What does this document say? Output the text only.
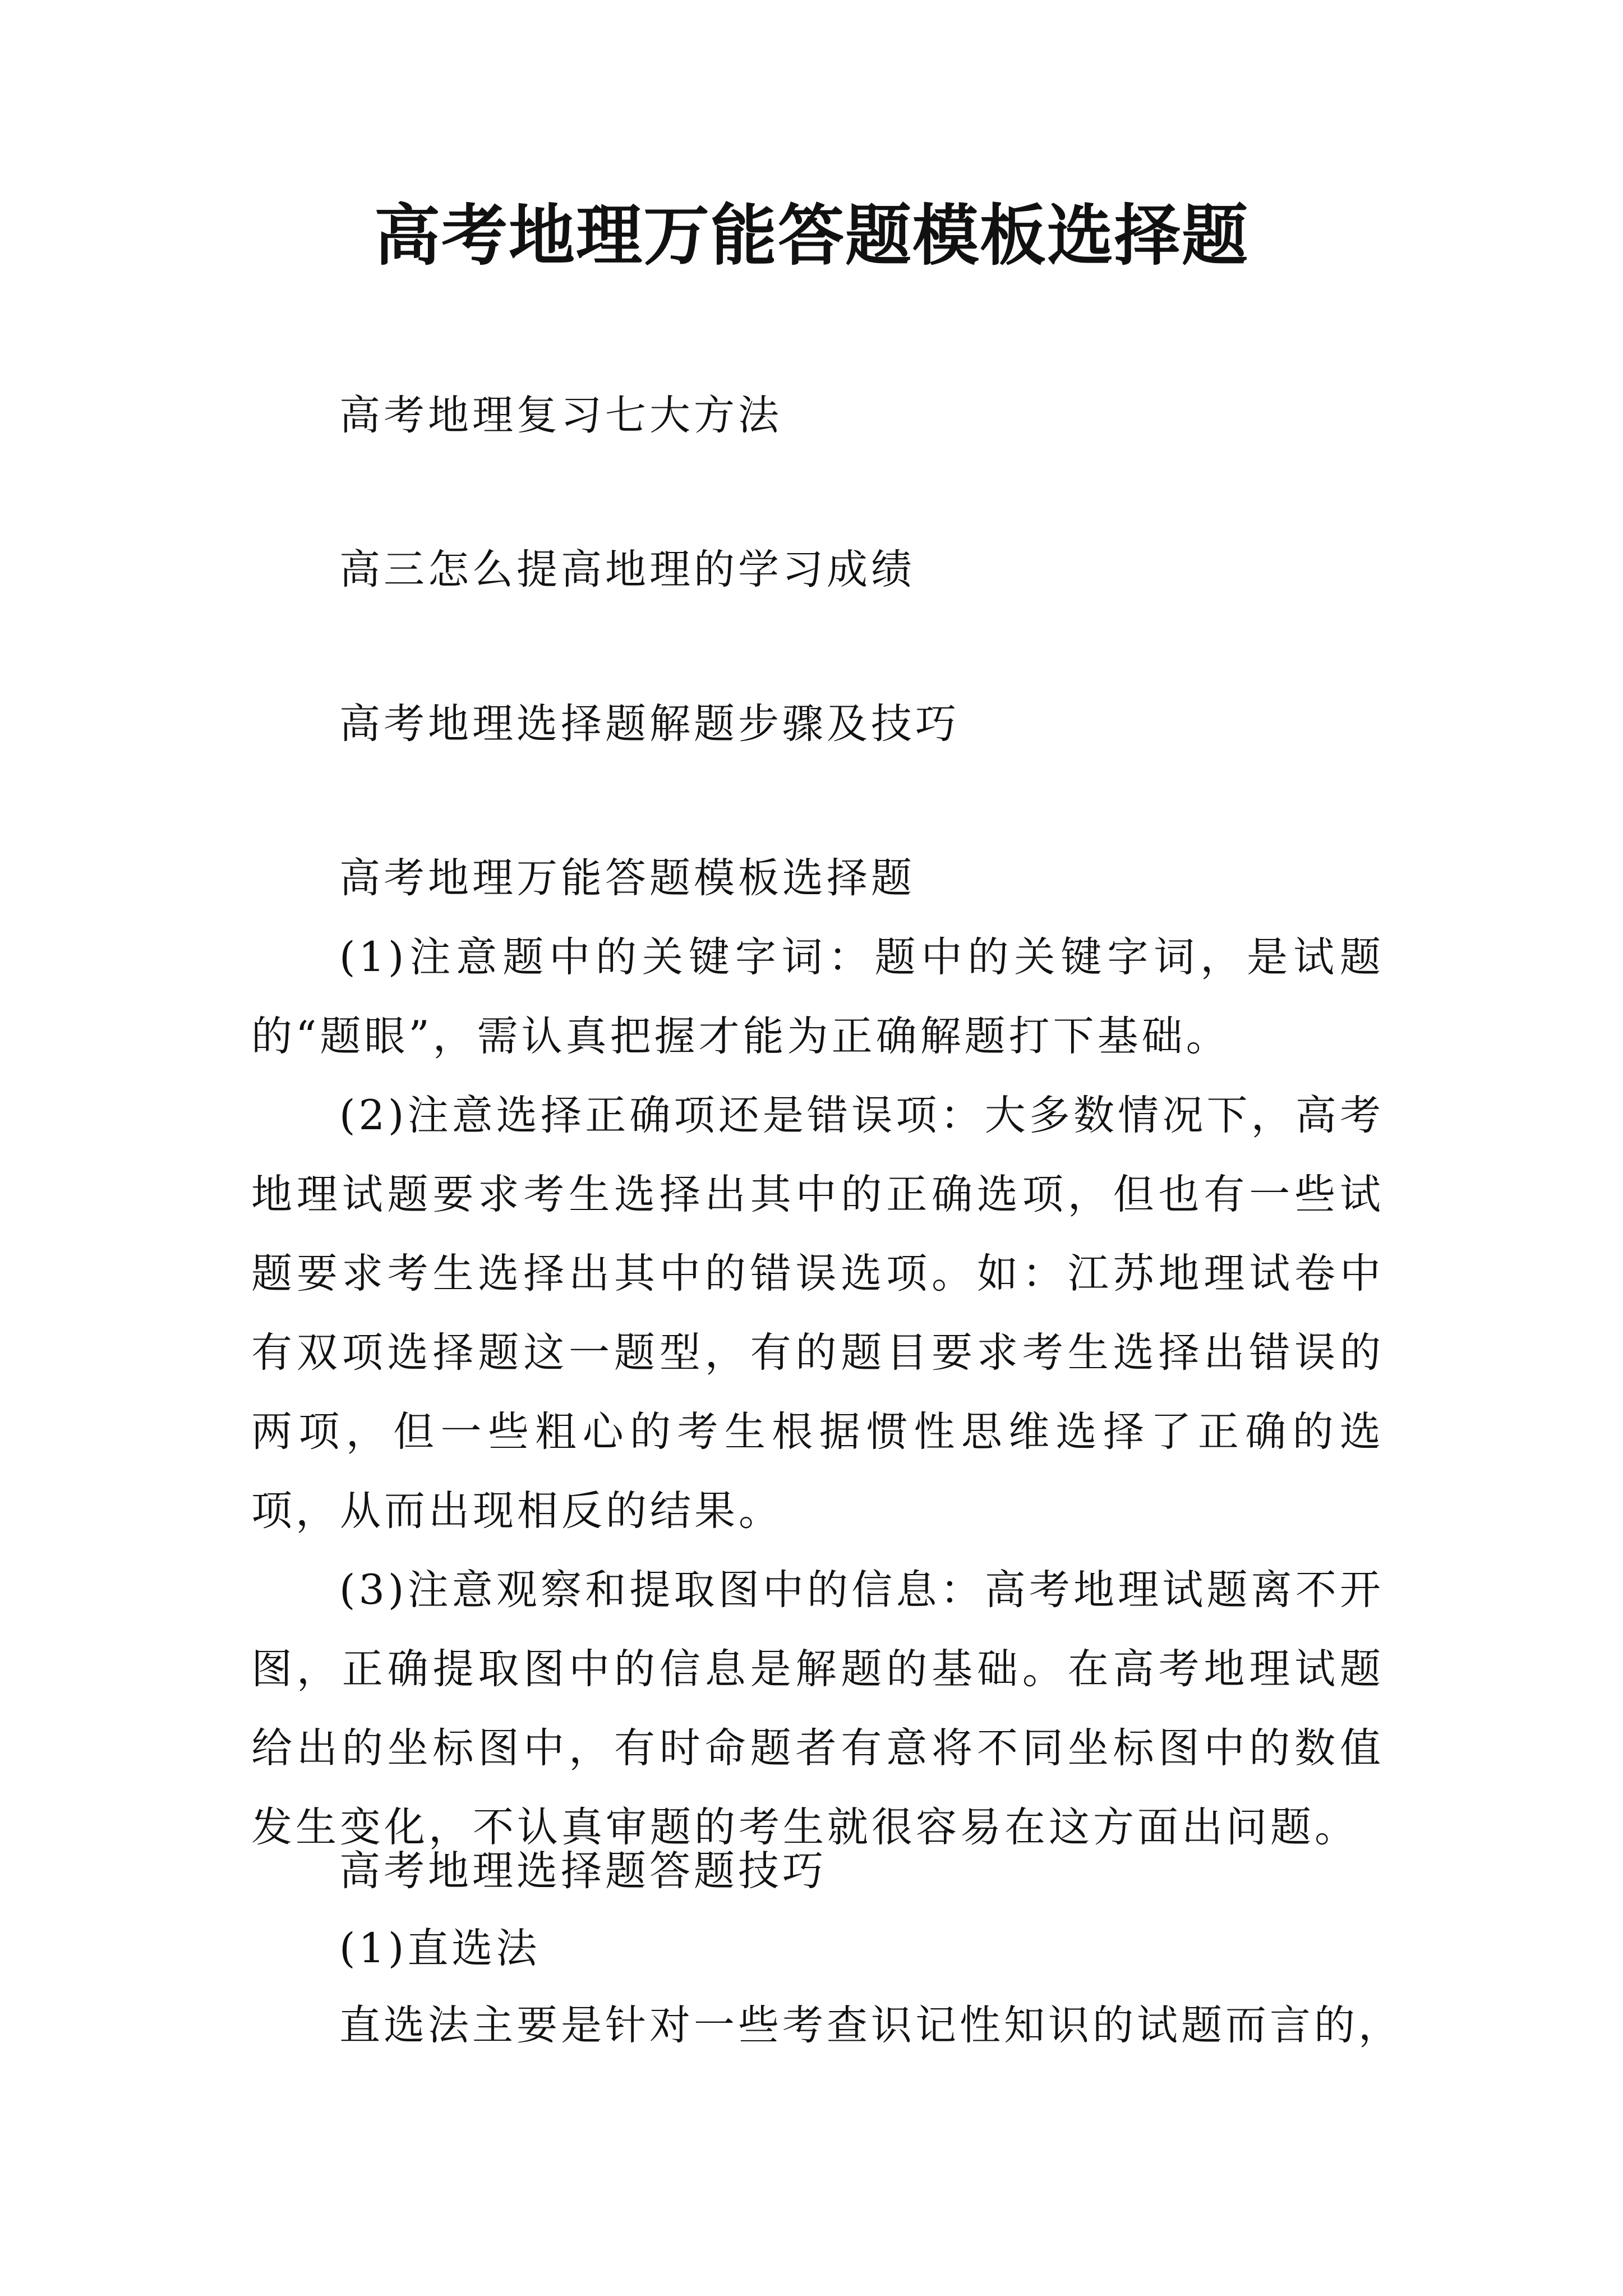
高考地理万能答题模板选择题
高考地理复习七大方法
高三怎么提高地理的学习成绩
高考地理选择题解题步骤及技巧
高考地理万能答题模板选择题

(1)注意题中的关键字词：题中的关键字词，是试题的“题眼”，需认真把握才能为正确解题打下基础。

(2)注意选择正确项还是错误项：大多数情况下，高考地理试题要求考生选择出其中的正确选项，但也有一些试题要求考生选择出其中的错误选项。如：江苏地理试卷中有双项选择题这一题型，有的题目要求考生选择出错误的两项，但一些粗心的考生根据惯性思维选择了正确的选项，从而出现相反的结果。

(3)注意观察和提取图中的信息：高考地理试题离不开图，正确提取图中的信息是解题的基础。在高考地理试题给出的坐标图中，有时命题者有意将不同坐标图中的数值发生变化，不认真审题的考生就很容易在这方面出问题。

高考地理选择题答题技巧
(1)直选法
直选法主要是针对一些考查识记性知识的试题而言的，
